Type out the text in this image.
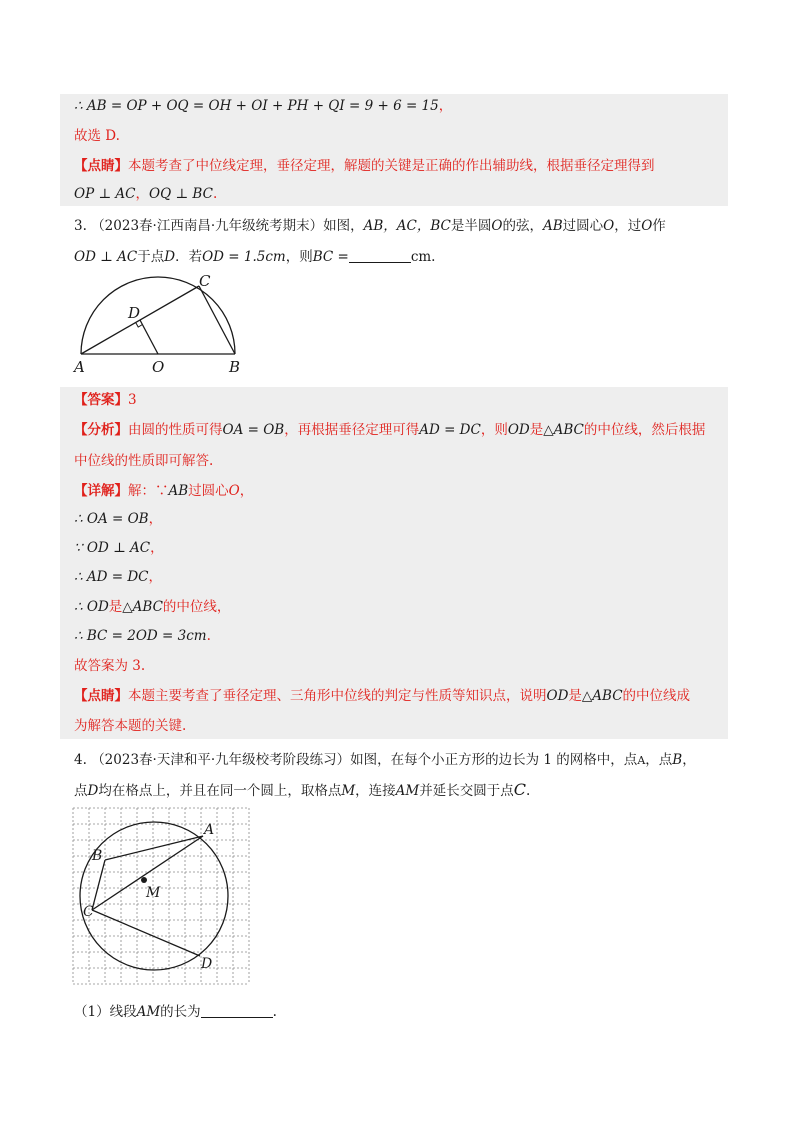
∴ AB = OP + OQ = OH + OI + PH + QI = 9 + 6 = 15，
故选 D.
【点睛】本题考查了中位线定理，垂径定理，解题的关键是正确的作出辅助线，根据垂径定理得到
OP ⊥ AC，OQ ⊥ BC.
3. （2023春·江西南昌·九年级统考期末）如图，AB，AC，BC是半圆O的弦，AB过圆心O，过O作
OD ⊥ AC于点D．若OD = 1.5cm，则BC =	cm.
A	O	B
C
D
【答案】3
【分析】由圆的性质可得OA = OB，再根据垂径定理可得AD = DC，则OD是△ABC的中位线，然后根据
中位线的性质即可解答.
【详解】解：∵AB过圆心O，
∴ OA = OB，
∵ OD ⊥ AC，
∴ AD = DC，
∴ OD是△ABC的中位线，
∴ BC = 2OD = 3cm.
故答案为 3.
【点睛】本题主要考查了垂径定理、三角形中位线的判定与性质等知识点，说明OD是△ABC的中位线成
为解答本题的关键.
4. （2023春·天津和平·九年级校考阶段练习）如图，在每个小正方形的边长为 1 的网格中，点A，点B，
点D均在格点上，并且在同一个圆上，取格点M，连接AM并延长交圆于点C.
A
B
C
D
M
（1）线段AM的长为	.
